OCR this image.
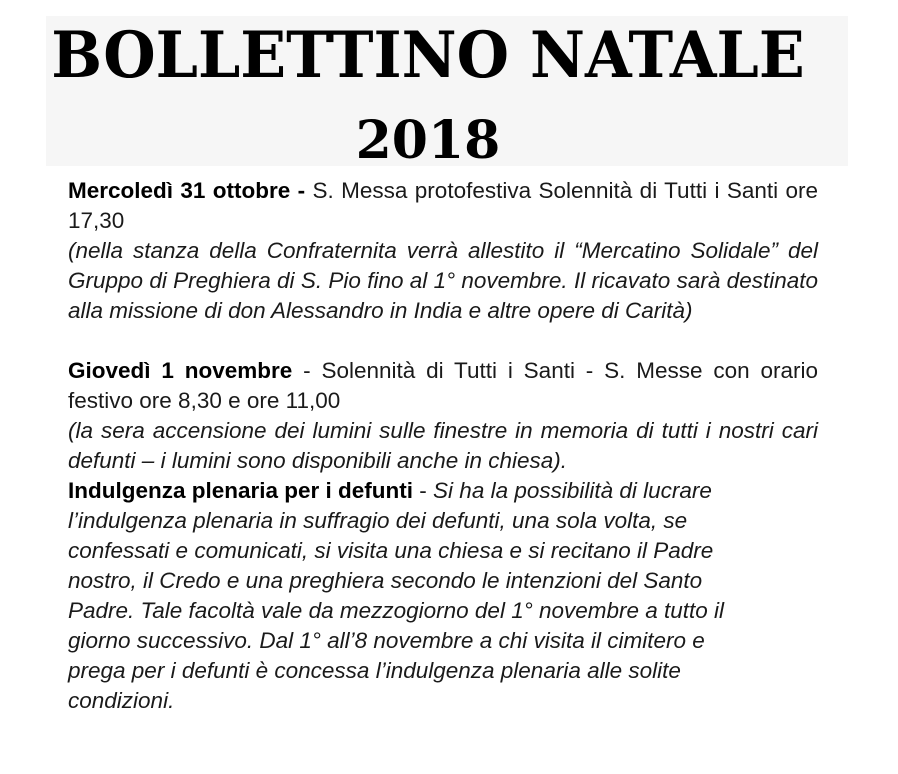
BOLLETTINO NATALE
2018

Mercoledì 31 ottobre - S. Messa protofestiva Solennità di Tutti i Santi ore 17,30

(nella stanza della Confraternita verrà allestito il “Mercatino Solidale” del Gruppo di Preghiera di S. Pio fino al 1° novembre. Il ricavato sarà destinato alla missione di don Alessandro in India e altre opere di Carità)

Giovedì 1 novembre - Solennità di Tutti i Santi - S. Messe con orario festivo ore 8,30 e ore 11,00

(la sera accensione dei lumini sulle finestre in memoria di tutti i nostri cari defunti – i lumini sono disponibili anche in chiesa).

Indulgenza plenaria per i defunti - Si ha la possibilità di lucrare l’indulgenza plenaria in suffragio dei defunti, una sola volta, se confessati e comunicati, si visita una chiesa e si recitano il Padre nostro, il Credo e una preghiera secondo le intenzioni del Santo Padre. Tale facoltà vale da mezzogiorno del 1° novembre a tutto il giorno successivo. Dal 1° all’8 novembre a chi visita il cimitero e prega per i defunti è concessa l’indulgenza plenaria alle solite condizioni.
